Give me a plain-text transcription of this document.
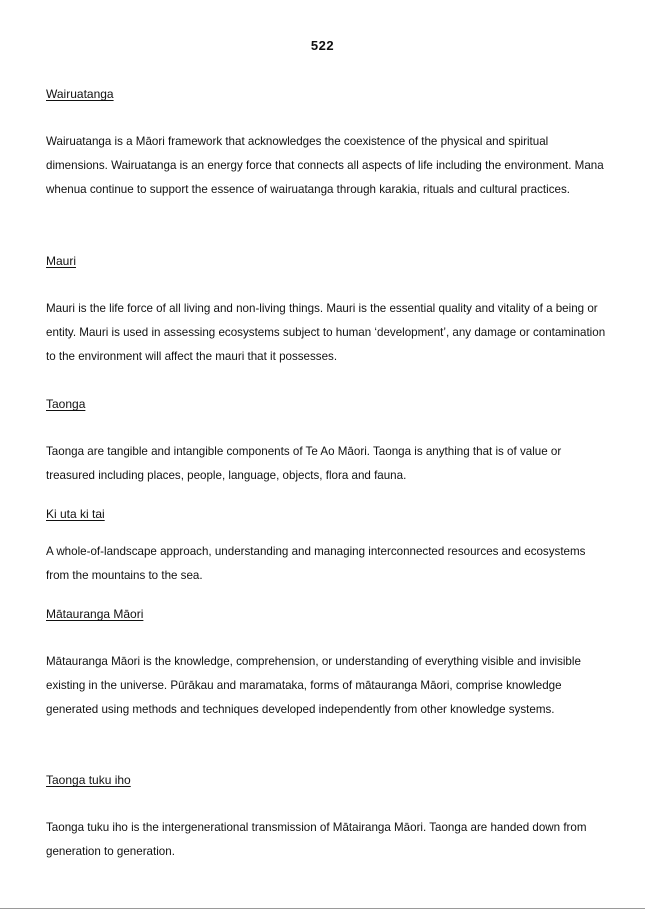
522
Wairuatanga

Wairuatanga is a Māori framework that acknowledges the coexistence of the physical and spiritual dimensions. Wairuatanga is an energy force that connects all aspects of life including the environment. Mana whenua continue to support the essence of wairuatanga through karakia, rituals and cultural practices.

Mauri

Mauri is the life force of all living and non-living things. Mauri is the essential quality and vitality of a being or entity. Mauri is used in assessing ecosystems subject to human ‘development’, any damage or contamination to the environment will affect the mauri that it possesses.

Taonga

Taonga are tangible and intangible components of Te Ao Māori. Taonga is anything that is of value or treasured including places, people, language, objects, flora and fauna.

Ki uta ki tai

A whole-of-landscape approach, understanding and managing interconnected resources and ecosystems from the mountains to the sea.

Mātauranga Māori

Mātauranga Māori is the knowledge, comprehension, or understanding of everything visible and invisible existing in the universe. Pūrākau and maramataka, forms of mātauranga Māori, comprise knowledge generated using methods and techniques developed independently from other knowledge systems.

Taonga tuku iho

Taonga tuku iho is the intergenerational transmission of Mātairanga Māori. Taonga are handed down from generation to generation.
